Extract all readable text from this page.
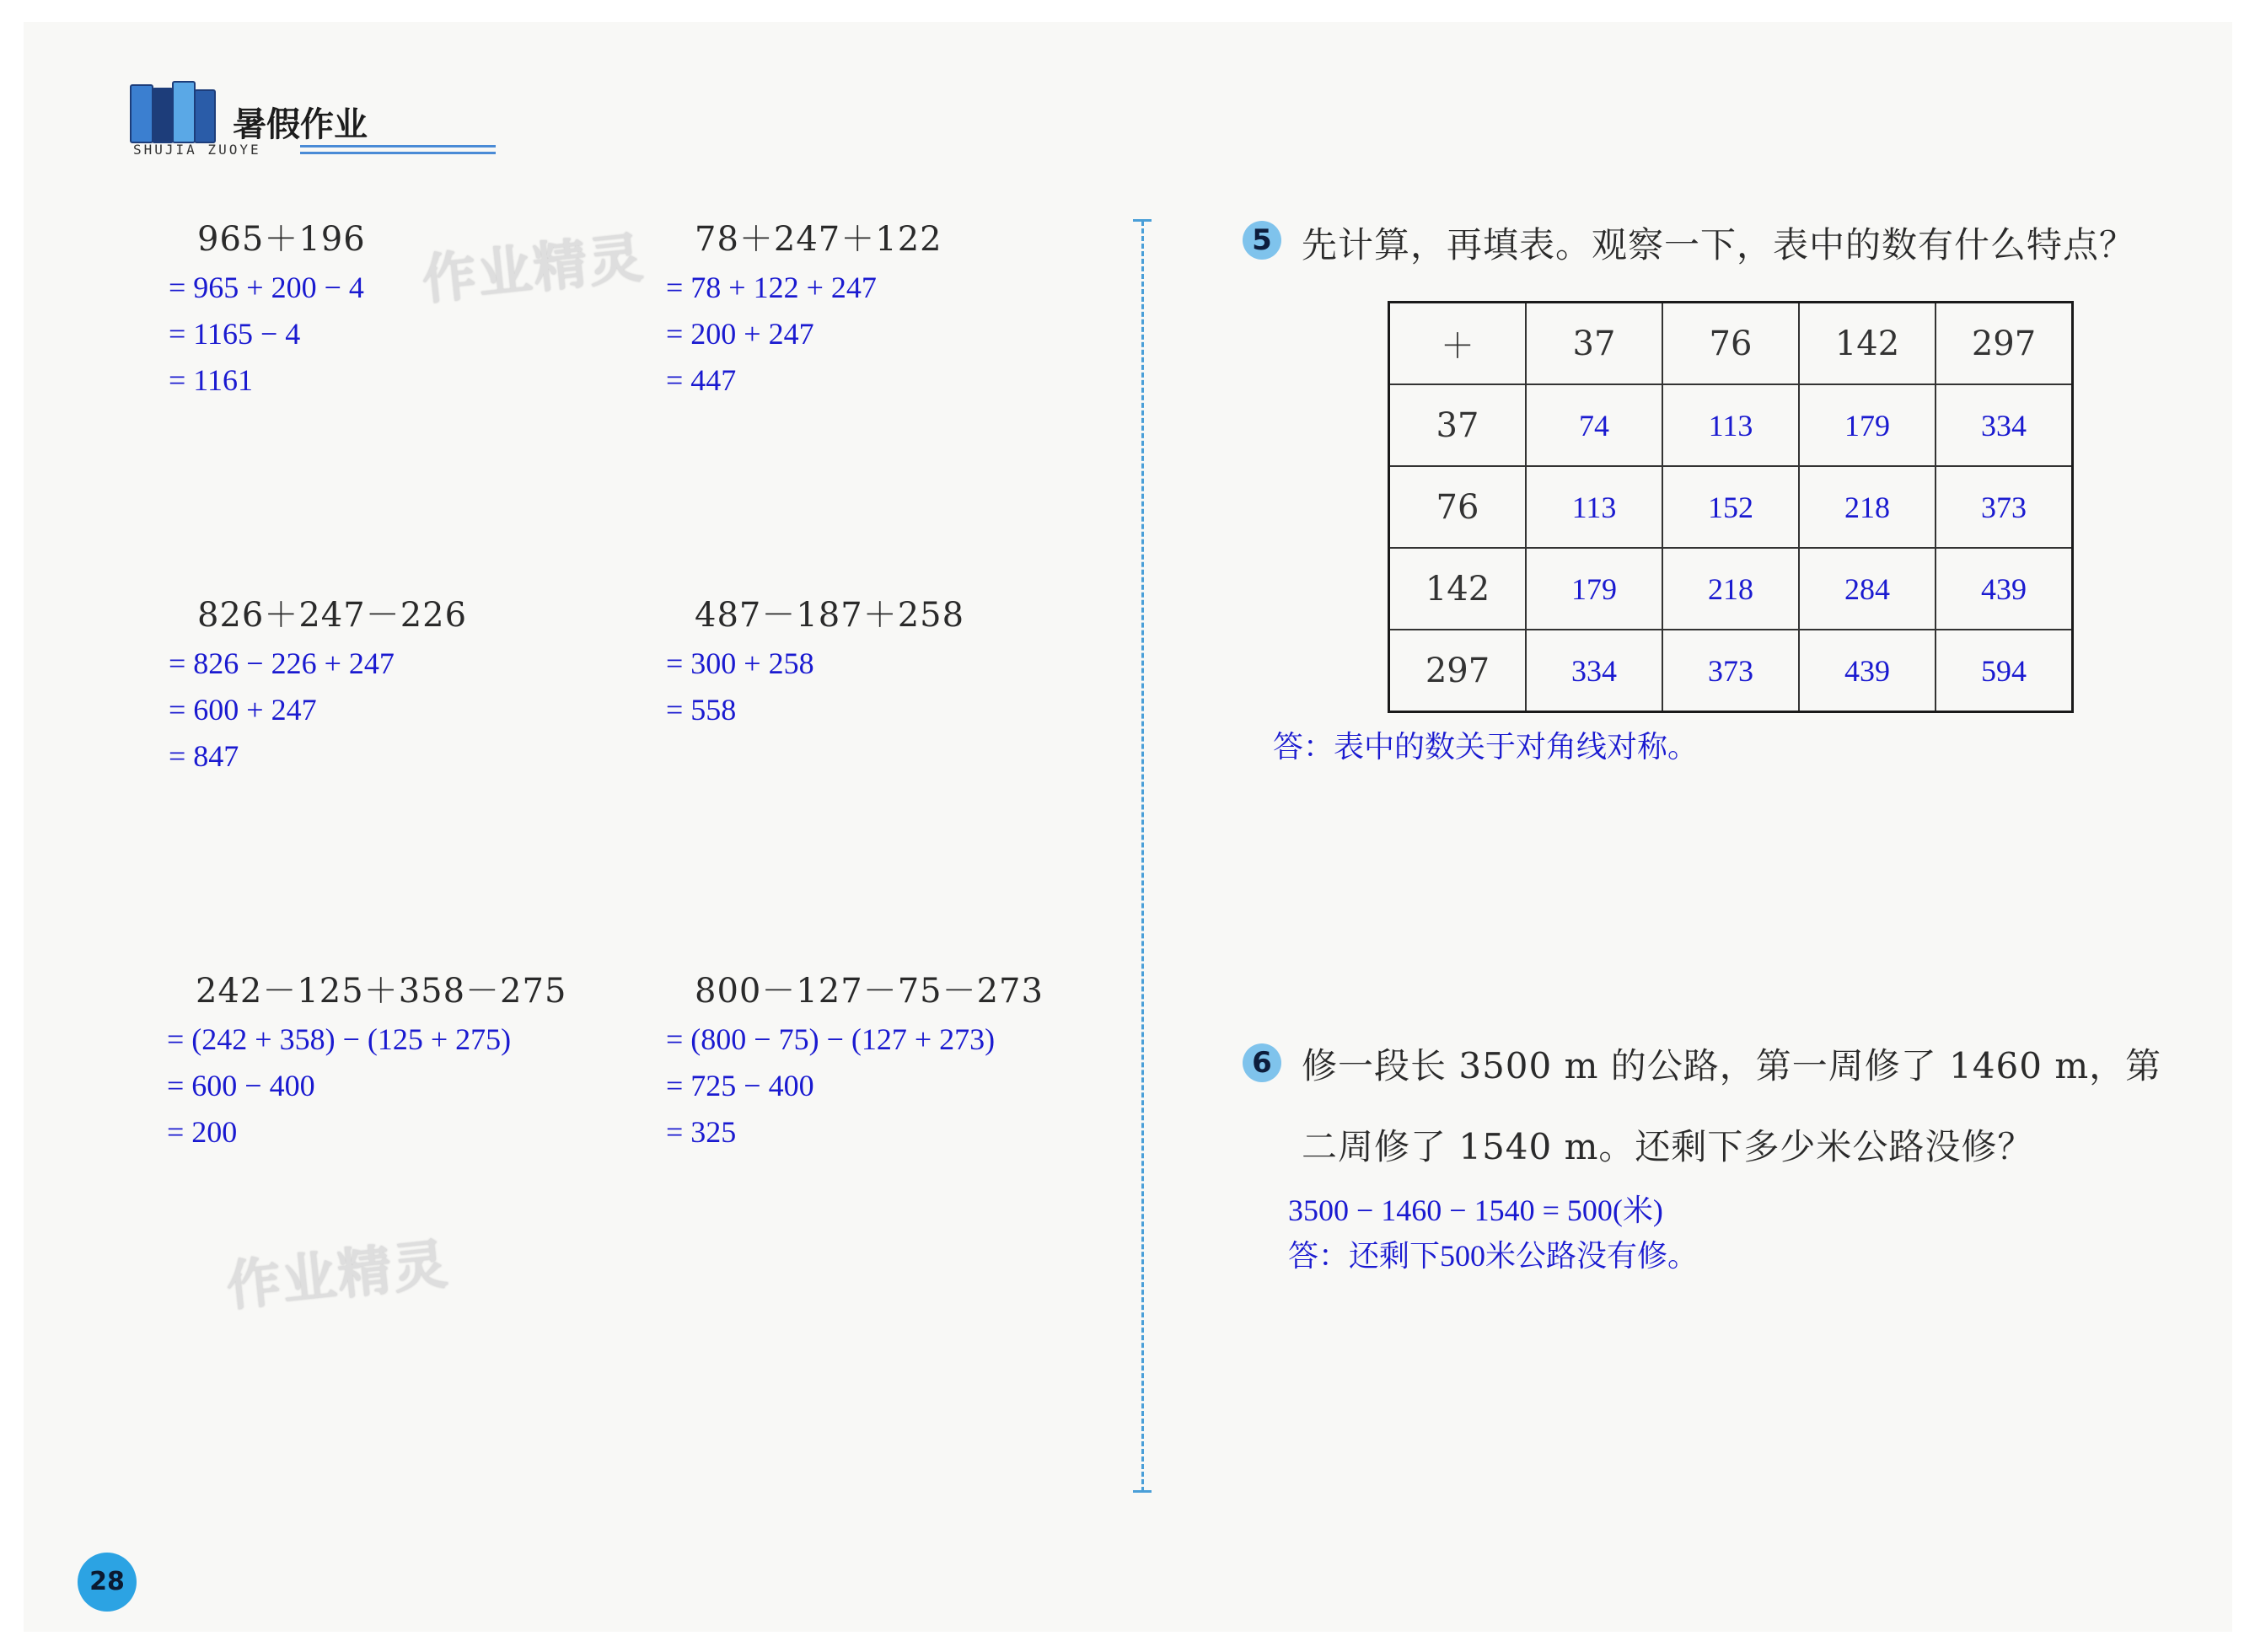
暑假作业
SHUJIA ZUOYE
965＋196
= 965 + 200 − 4
= 1165 − 4
= 1161
78＋247＋122
= 78 + 122 + 247
= 200 + 247
= 447
826＋247－226
= 826 − 226 + 247
= 600 + 247
= 847
487－187＋258
= 300 + 258
= 558
242－125＋358－275
= (242 + 358) − (125 + 275)
= 600 − 400
= 200
800－127－75－273
= (800 − 75) − (127 + 273)
= 725 − 400
= 325
作业精灵
作业精灵
5 先计算，再填表。观察一下，表中的数有什么特点？
＋	37	76	142	297
37	74	113	179	334
76	113	152	218	373
142	179	218	284	439
297	334	373	439	594
答：表中的数关于对角线对称。
6 修一段长 3500 m 的公路，第一周修了 1460 m，第
二周修了 1540 m。还剩下多少米公路没修？
3500 − 1460 − 1540 = 500(米)
答：还剩下500米公路没有修。
28
